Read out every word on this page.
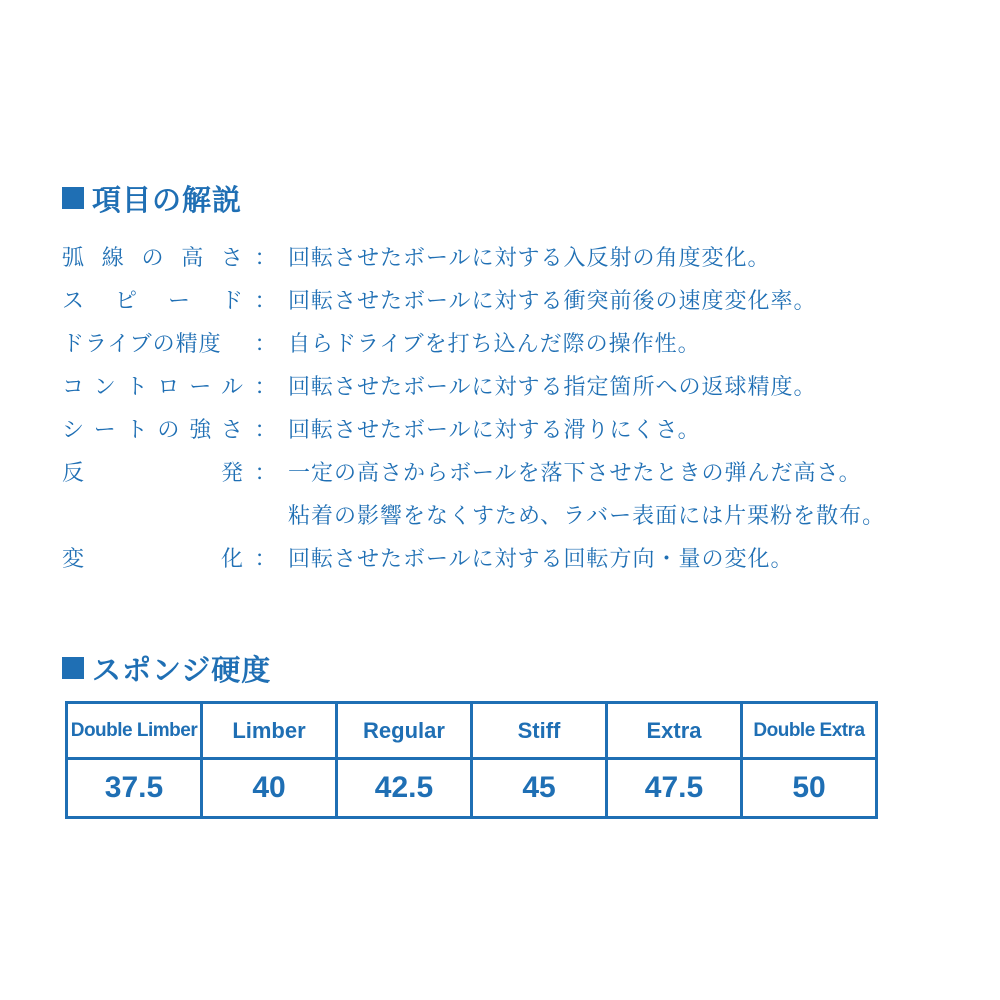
項目の解説
弧 線 の 高 さ ： 回転させたボールに対する入反射の角度変化。
ス ピ ー ド ： 回転させたボールに対する衝突前後の速度変化率。
ドライブの精度	： 自らドライブを打ち込んだ際の操作性。
コ ン ト ロ ー ル ： 回転させたボールに対する指定箇所への返球精度。
シ ー ト の 強 さ ： 回転させたボールに対する滑りにくさ。
反	発 ： 一定の高さからボールを落下させたときの弾んだ高さ。
粘着の影響をなくすため、ラバー表面には片栗粉を散布。
変	化 ： 回転させたボールに対する回転方向・量の変化。
スポンジ硬度
Double Limber	Limber	Regular	Stiff	Extra	Double Extra
37.5	40	42.5	45	47.5	50
